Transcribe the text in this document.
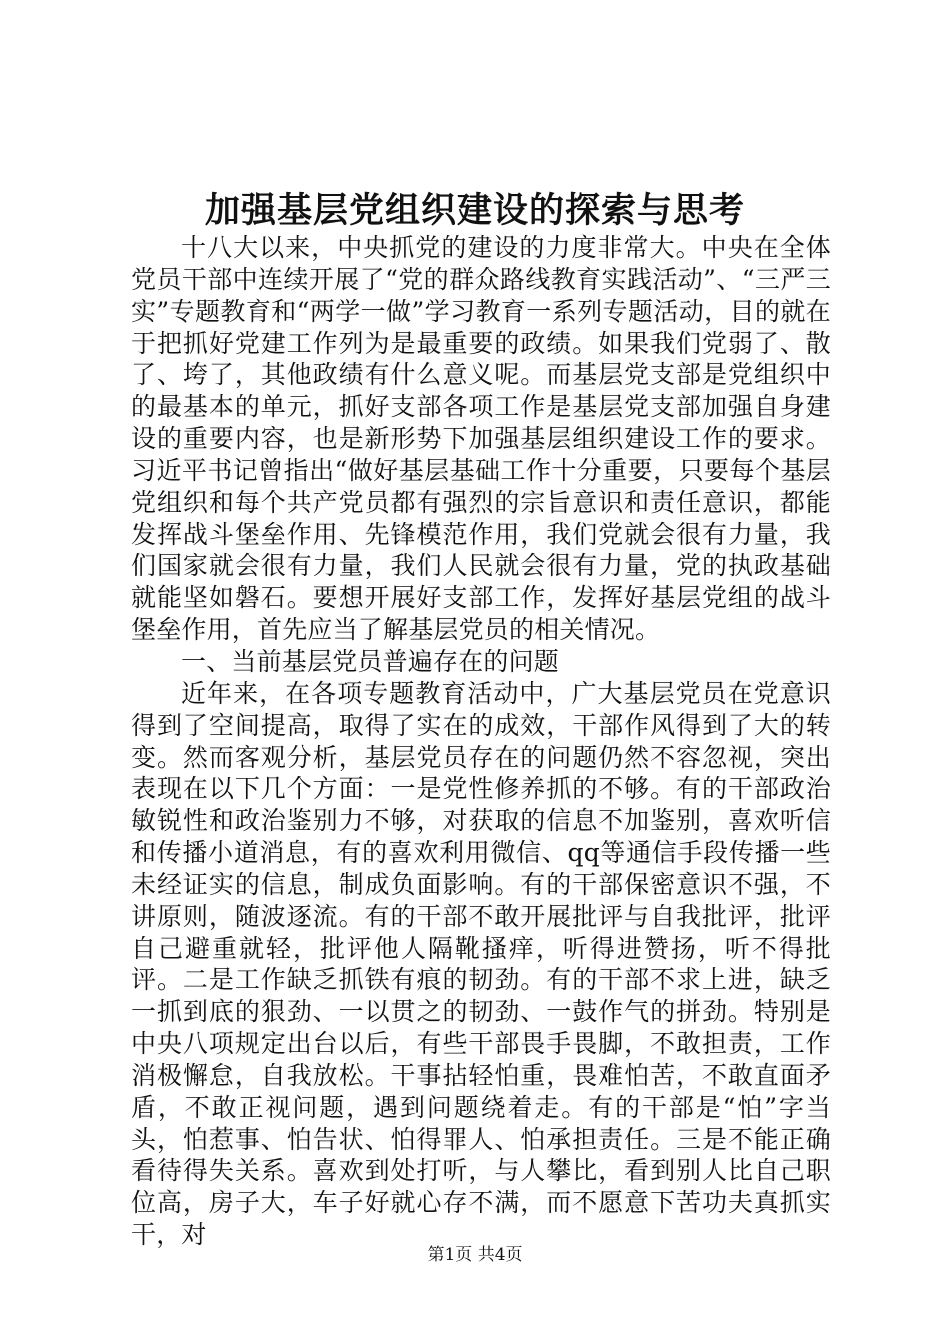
加强基层党组织建设的探索与思考

十八大以来，中央抓党的建设的力度非常大。中央在全体党员干部中连续开展了“党的群众路线教育实践活动”、“三严三实”专题教育和“两学一做”学习教育一系列专题活动，目的就在于把抓好党建工作列为是最重要的政绩。如果我们党弱了、散了、垮了，其他政绩有什么意义呢。而基层党支部是党组织中的最基本的单元，抓好支部各项工作是基层党支部加强自身建设的重要内容，也是新形势下加强基层组织建设工作的要求。习近平书记曾指出“做好基层基础工作十分重要，只要每个基层党组织和每个共产党员都有强烈的宗旨意识和责任意识，都能发挥战斗堡垒作用、先锋模范作用，我们党就会很有力量，我们国家就会很有力量，我们人民就会很有力量，党的执政基础就能坚如磐石。要想开展好支部工作，发挥好基层党组的战斗堡垒作用，首先应当了解基层党员的相关情况。

一、当前基层党员普遍存在的问题

近年来，在各项专题教育活动中，广大基层党员在党意识得到了空间提高，取得了实在的成效，干部作风得到了大的转变。然而客观分析，基层党员存在的问题仍然不容忽视，突出表现在以下几个方面：一是党性修养抓的不够。有的干部政治敏锐性和政治鉴别力不够，对获取的信息不加鉴别，喜欢听信和传播小道消息，有的喜欢利用微信、qq等通信手段传播一些未经证实的信息，制成负面影响。有的干部保密意识不强，不讲原则，随波逐流。有的干部不敢开展批评与自我批评，批评自己避重就轻，批评他人隔靴搔痒，听得进赞扬，听不得批评。二是工作缺乏抓铁有痕的韧劲。有的干部不求上进，缺乏一抓到底的狠劲、一以贯之的韧劲、一鼓作气的拼劲。特别是中央八项规定出台以后，有些干部畏手畏脚，不敢担责，工作消极懈怠，自我放松。干事拈轻怕重，畏难怕苦，不敢直面矛盾，不敢正视问题，遇到问题绕着走。有的干部是“怕”字当头，怕惹事、怕告状、怕得罪人、怕承担责任。三是不能正确看待得失关系。喜欢到处打听，与人攀比，看到别人比自己职位高，房子大，车子好就心存不满，而不愿意下苦功夫真抓实干，对

第1页 共4页
